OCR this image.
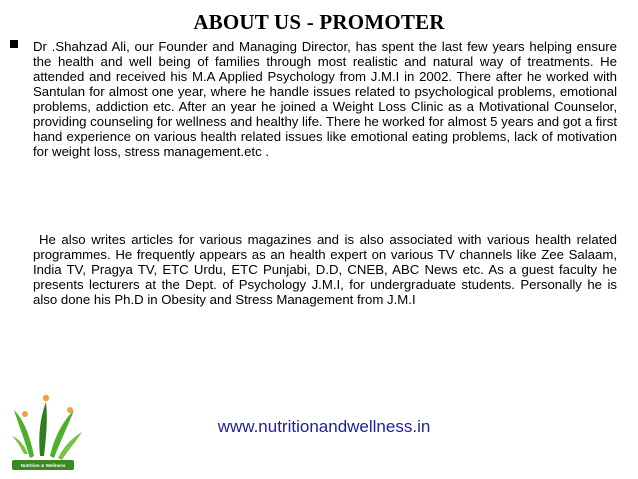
ABOUT US - PROMOTER
Dr .Shahzad Ali, our Founder and Managing Director, has spent the last few years helping ensure the health and well being of families through most realistic and natural way of treatments. He attended and received his M.A Applied Psychology from J.M.I in 2002. There after he worked with Santulan for almost one year, where he handle issues related to psychological problems, emotional problems, addiction etc. After an year he joined a Weight Loss Clinic as a Motivational Counselor, providing counseling for wellness and healthy life. There he worked for almost 5 years and got a first hand experience on various health related issues like emotional eating problems, lack of motivation for weight loss, stress management.etc .
He also writes articles for various magazines and is also associated with various health related programmes. He frequently appears as an health expert on various TV channels like Zee Salaam, India TV, Pragya TV, ETC Urdu, ETC Punjabi, D.D, CNEB, ABC News etc. As a guest faculty he presents lecturers at the Dept. of Psychology J.M.I, for undergraduate students. Personally he is also done his Ph.D in Obesity and Stress Management from J.M.I
Nutrition & Wellness
www.nutritionandwellness.in
